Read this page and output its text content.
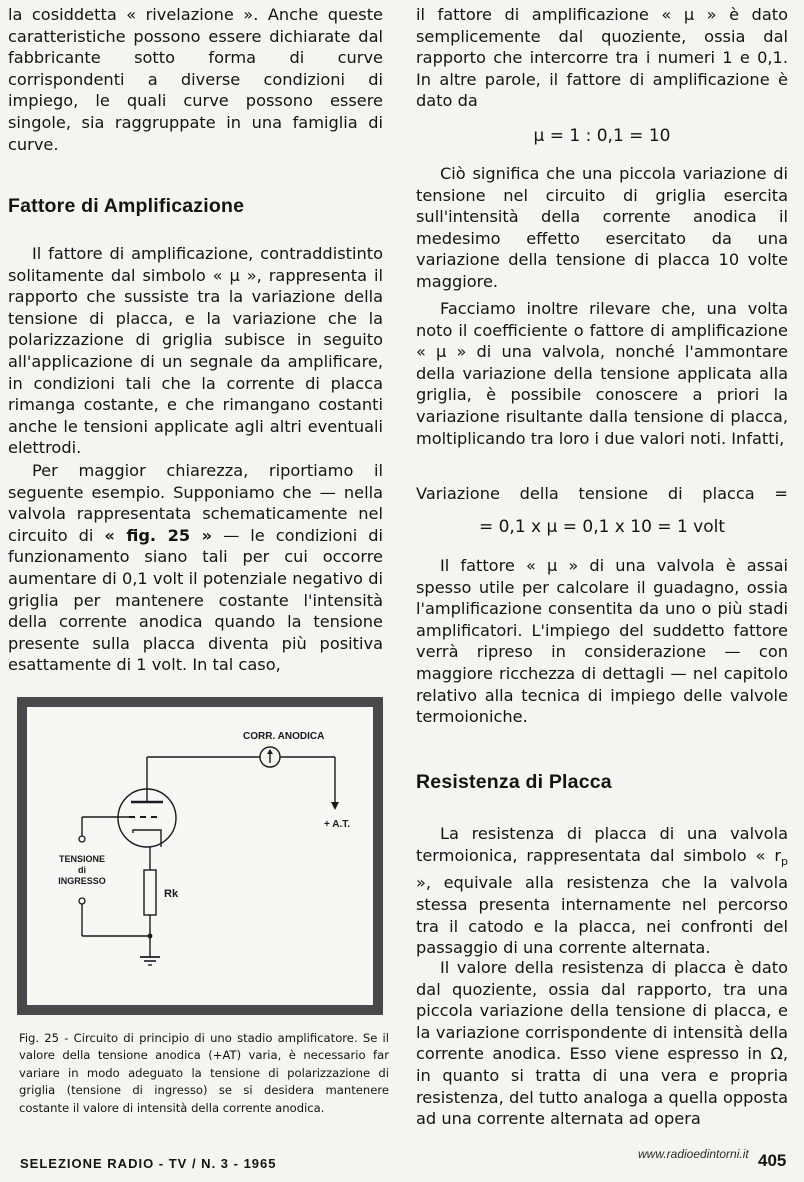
la cosiddetta « rivelazione ». Anche queste caratteristiche possono essere dichiarate dal fabbricante sotto forma di curve corrispondenti a diverse condizioni di impiego, le quali curve possono essere singole, sia raggruppate in una famiglia di curve.

Fattore di Amplificazione

Il fattore di amplificazione, contraddistinto solitamente dal simbolo « µ », rappresenta il rapporto che sussiste tra la variazione della tensione di placca, e la variazione che la polarizzazione di griglia subisce in seguito all'applicazione di un segnale da amplificare, in condizioni tali che la corrente di placca rimanga costante, e che rimangano costanti anche le tensioni applicate agli altri eventuali elettrodi.

Per maggior chiarezza, riportiamo il seguente esempio. Supponiamo che — nella valvola rappresentata schematicamente nel circuito di « fig. 25 » — le condizioni di funzionamento siano tali per cui occorre aumentare di 0,1 volt il potenziale negativo di griglia per mantenere costante l'intensità della corrente anodica quando la tensione presente sulla placca diventa più positiva esattamente di 1 volt. In tal caso,

CORR. ANODICA
+ A.T.
TENSIONE
di
INGRESSO
Rk

Fig. 25 - Circuito di principio di uno stadio amplificatore. Se il valore della tensione anodica (+AT) varia, è necessario far variare in modo adeguato la tensione di polarizzazione di griglia (tensione di ingresso) se si desidera mantenere costante il valore di intensità della corrente anodica.

il fattore di amplificazione « µ » è dato semplicemente dal quoziente, ossia dal rapporto che intercorre tra i numeri 1 e 0,1. In altre parole, il fattore di amplificazione è dato da

µ = 1 : 0,1 = 10

Ciò significa che una piccola variazione di tensione nel circuito di griglia esercita sull'intensità della corrente anodica il medesimo effetto esercitato da una variazione della tensione di placca 10 volte maggiore.

Facciamo inoltre rilevare che, una volta noto il coefficiente o fattore di amplificazione « µ » di una valvola, nonché l'ammontare della variazione della tensione applicata alla griglia, è possibile conoscere a priori la variazione risultante dalla tensione di placca, moltiplicando tra loro i due valori noti. Infatti,

Variazione della tensione di placca =

= 0,1 x µ = 0,1 x 10 = 1 volt

Il fattore « µ » di una valvola è assai spesso utile per calcolare il guadagno, ossia l'amplificazione consentita da uno o più stadi amplificatori. L'impiego del suddetto fattore verrà ripreso in considerazione — con maggiore ricchezza di dettagli — nel capitolo relativo alla tecnica di impiego delle valvole termoioniche.

Resistenza di Placca

La resistenza di placca di una valvola termoionica, rappresentata dal simbolo « $r_p$ », equivale alla resistenza che la valvola stessa presenta internamente nel percorso tra il catodo e la placca, nei confronti del passaggio di una corrente alternata.

Il valore della resistenza di placca è dato dal quoziente, ossia dal rapporto, tra una piccola variazione della tensione di placca, e la variazione corrispondente di intensità della corrente anodica. Esso viene espresso in Ω, in quanto si tratta di una vera e propria resistenza, del tutto analoga a quella opposta ad una corrente alternata ad opera

SELEZIONE RADIO - TV / N. 3 - 1965

www.radioedintorni.it 405
